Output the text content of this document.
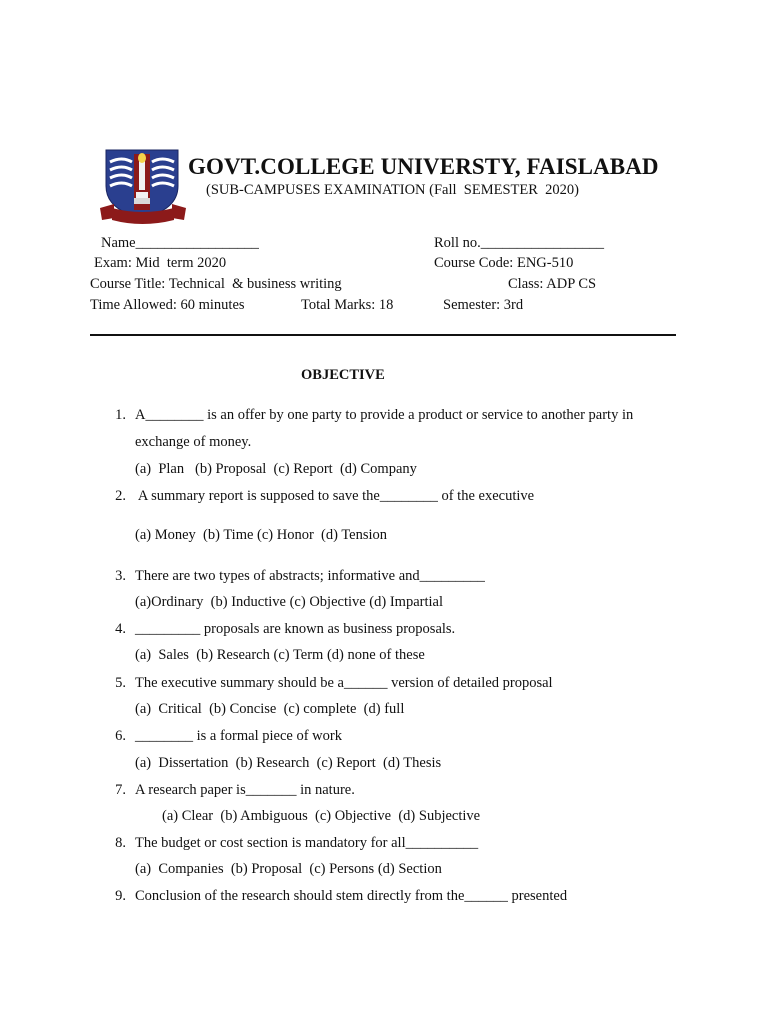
GOVT.COLLEGE UNIVERSTY, FAISLABAD
(SUB-CAMPUSES EXAMINATION (Fall  SEMESTER  2020)
Name_________________	Roll no._________________
Exam: Mid  term 2020	Course Code: ENG-510
Course Title: Technical  & business writing	Class: ADP CS
Time Allowed: 60 minutes	Total Marks: 18	Semester: 3rd
OBJECTIVE
1. A________ is an offer by one party to provide a product or service to another party in
exchange of money.
(a)  Plan   (b) Proposal  (c) Report  (d) Company
2. A summary report is supposed to save the________ of the executive
(a) Money  (b) Time (c) Honor  (d) Tension
3. There are two types of abstracts; informative and_________
(a)Ordinary  (b) Inductive (c) Objective (d) Impartial
4. _________ proposals are known as business proposals.
(a)  Sales  (b) Research (c) Term (d) none of these
5. The executive summary should be a______ version of detailed proposal
(a)  Critical  (b) Concise  (c) complete  (d) full
6. ________ is a formal piece of work
(a)  Dissertation  (b) Research  (c) Report  (d) Thesis
7. A research paper is_______ in nature.
(a) Clear  (b) Ambiguous  (c) Objective  (d) Subjective
8. The budget or cost section is mandatory for all__________
(a)  Companies  (b) Proposal  (c) Persons (d) Section
9. Conclusion of the research should stem directly from the______ presented
